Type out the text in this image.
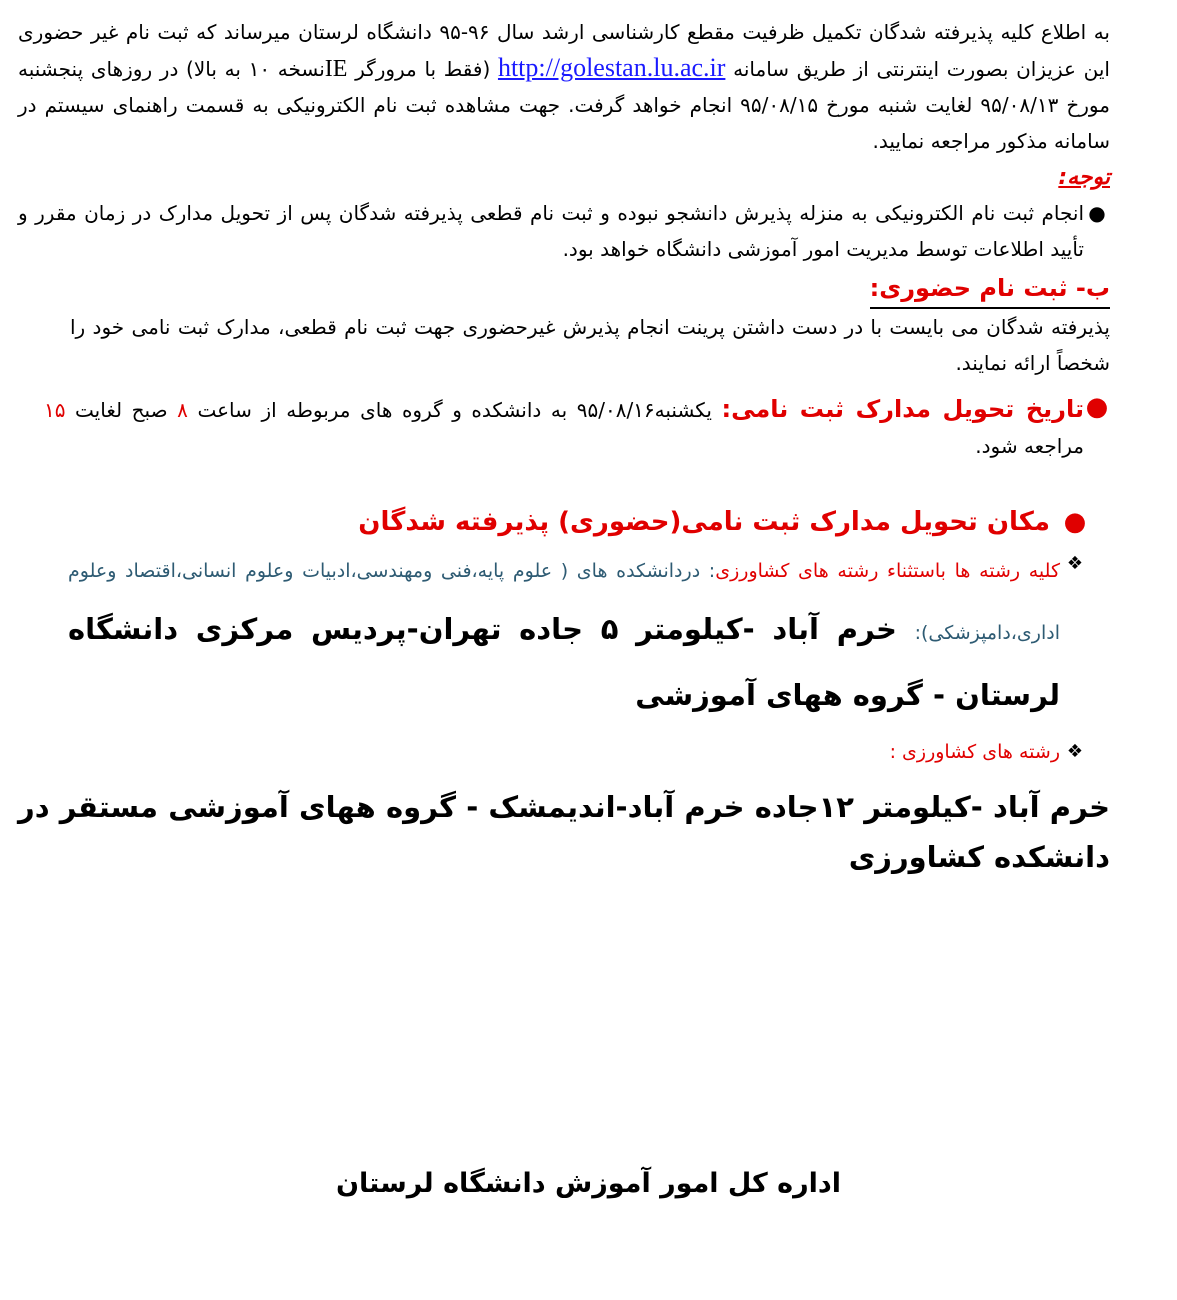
به اطلاع کلیه پذیرفته شدگان تکمیل ظرفیت مقطع کارشناسی ارشد سال ۹۶-۹۵ دانشگاه لرستان میرساند که ثبت نام غیر حضوری این عزیزان بصورت اینترنتی از طریق سامانه http://golestan.lu.ac.ir (فقط با مرورگر IEنسخه ۱۰ به بالا) در روزهای پنجشنبه مورخ ۹۵/۰۸/۱۳ لغایت شنبه مورخ ۹۵/۰۸/۱۵ انجام خواهد گرفت. جهت مشاهده ثبت نام الکترونیکی به قسمت راهنمای سیستم در سامانه مذکور مراجعه نمایید.

توجه:
●

انجام ثبت نام الکترونیکی به منزله پذیرش دانشجو نبوده و ثبت نام قطعی پذیرفته شدگان پس از تحویل مدارک در زمان مقرر و تأیید اطلاعات توسط مدیریت امور آموزشی دانشگاه خواهد بود.

ب- ثبت نام حضوری:

پذیرفته شدگان می بایست با در دست داشتن پرینت انجام پذیرش غیرحضوری جهت ثبت نام قطعی، مدارک ثبت نامی خود را شخصاً ارائه نمایند.

●

تاریخ تحویل مدارک ثبت نامی: یکشنبه۹۵/۰۸/۱۶ به دانشکده و گروه های مربوطه از ساعت ۸ صبح لغایت ۱۵ مراجعه شود.

●
مکان تحویل مدارک ثبت نامی(حضوری) پذیرفته شدگان
❖
کلیه رشته ها باستثناء رشته های کشاورزی: دردانشکده های ( علوم پایه،فنی ومهندسی،ادبیات وعلوم انسانی،اقتصاد وعلوم اداری،دامپزشکی): خرم آباد -کیلومتر ۵ جاده تهران-پردیس مرکزی دانشگاه لرستان - گروه ههای آموزشی
❖
رشته های کشاورزی :

خرم آباد -کیلومتر ۱۲جاده خرم آباد-اندیمشک - گروه ههای آموزشی مستقر در دانشکده کشاورزی

اداره کل امور آموزش دانشگاه لرستان
